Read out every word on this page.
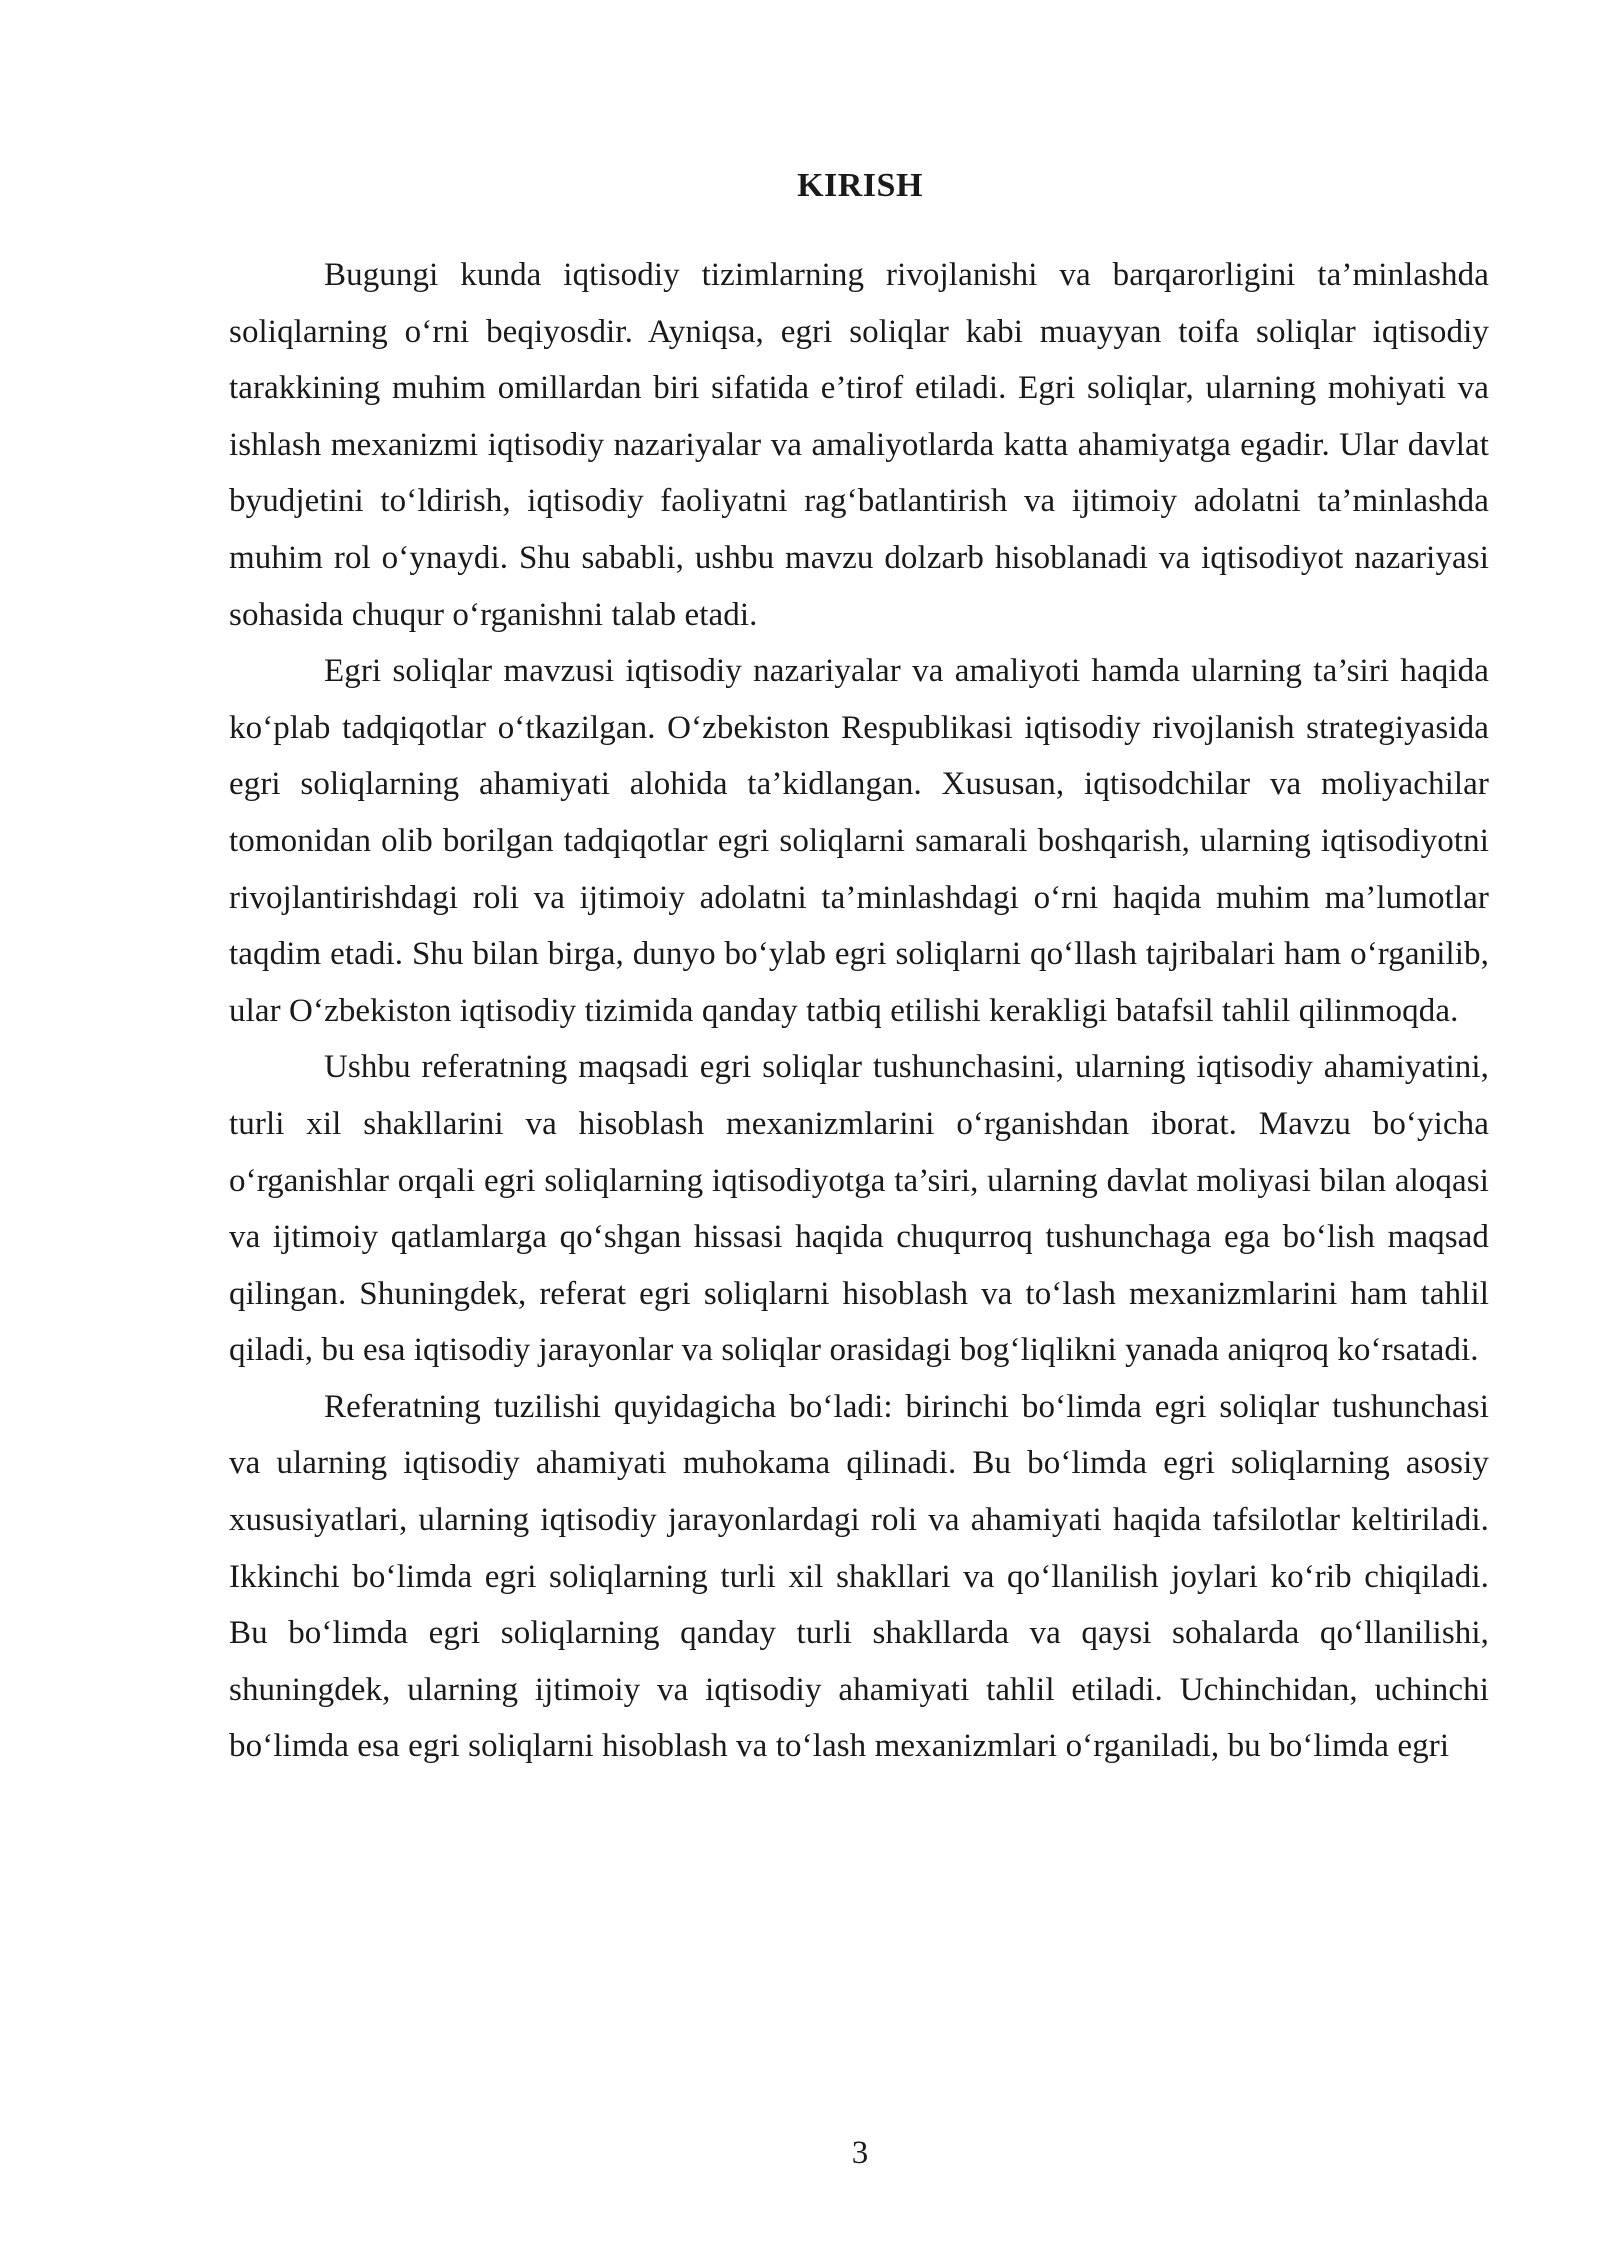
KIRISH

Bugungi kunda iqtisodiy tizimlarning rivojlanishi va barqarorligini ta’minlashda soliqlarning o‘rni beqiyosdir. Ayniqsa, egri soliqlar kabi muayyan toifa soliqlar iqtisodiy tarakkining muhim omillardan biri sifatida e’tirof etiladi. Egri soliqlar, ularning mohiyati va ishlash mexanizmi iqtisodiy nazariyalar va amaliyotlarda katta ahamiyatga egadir. Ular davlat byudjetini to‘ldirish, iqtisodiy faoliyatni rag‘batlantirish va ijtimoiy adolatni ta’minlashda muhim rol o‘ynaydi. Shu sababli, ushbu mavzu dolzarb hisoblanadi va iqtisodiyot nazariyasi sohasida chuqur o‘rganishni talab etadi.

Egri soliqlar mavzusi iqtisodiy nazariyalar va amaliyoti hamda ularning ta’siri haqida ko‘plab tadqiqotlar o‘tkazilgan. O‘zbekiston Respublikasi iqtisodiy rivojlanish strategiyasida egri soliqlarning ahamiyati alohida ta’kidlangan. Xususan, iqtisodchilar va moliyachilar tomonidan olib borilgan tadqiqotlar egri soliqlarni samarali boshqarish, ularning iqtisodiyotni rivojlantirishdagi roli va ijtimoiy adolatni ta’minlashdagi o‘rni haqida muhim ma’lumotlar taqdim etadi. Shu bilan birga, dunyo bo‘ylab egri soliqlarni qo‘llash tajribalari ham o‘rganilib, ular O‘zbekiston iqtisodiy tizimida qanday tatbiq etilishi kerakligi batafsil tahlil qilinmoqda.

Ushbu referatning maqsadi egri soliqlar tushunchasini, ularning iqtisodiy ahamiyatini, turli xil shakllarini va hisoblash mexanizmlarini o‘rganishdan iborat. Mavzu bo‘yicha o‘rganishlar orqali egri soliqlarning iqtisodiyotga ta’siri, ularning davlat moliyasi bilan aloqasi va ijtimoiy qatlamlarga qo‘shgan hissasi haqida chuqurroq tushunchaga ega bo‘lish maqsad qilingan. Shuningdek, referat egri soliqlarni hisoblash va to‘lash mexanizmlarini ham tahlil qiladi, bu esa iqtisodiy jarayonlar va soliqlar orasidagi bog‘liqlikni yanada aniqroq ko‘rsatadi.

Referatning tuzilishi quyidagicha bo‘ladi: birinchi bo‘limda egri soliqlar tushunchasi va ularning iqtisodiy ahamiyati muhokama qilinadi. Bu bo‘limda egri soliqlarning asosiy xususiyatlari, ularning iqtisodiy jarayonlardagi roli va ahamiyati haqida tafsilotlar keltiriladi. Ikkinchi bo‘limda egri soliqlarning turli xil shakllari va qo‘llanilish joylari ko‘rib chiqiladi. Bu bo‘limda egri soliqlarning qanday turli shakllarda va qaysi sohalarda qo‘llanilishi, shuningdek, ularning ijtimoiy va iqtisodiy ahamiyati tahlil etiladi. Uchinchidan, uchinchi bo‘limda esa egri soliqlarni hisoblash va to‘lash mexanizmlari o‘rganiladi, bu bo‘limda egri

3
